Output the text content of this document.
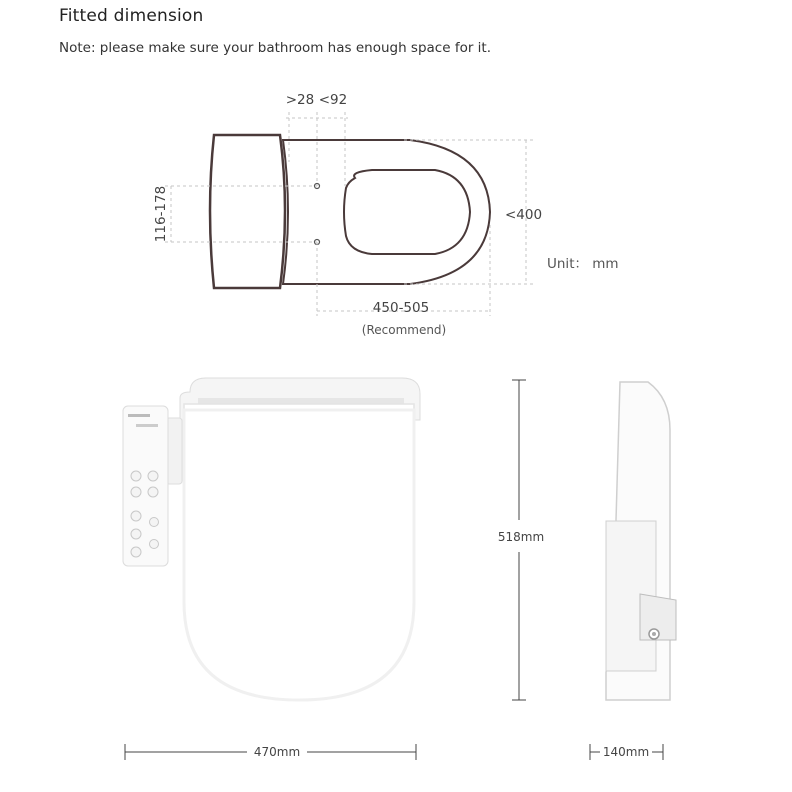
Fitted dimension
Note: please make sure your bathroom has enough space for it.
>28 <92
116-178	<400
Unit： mm
450-505
(Recommend)
518mm
470mm	140mm
